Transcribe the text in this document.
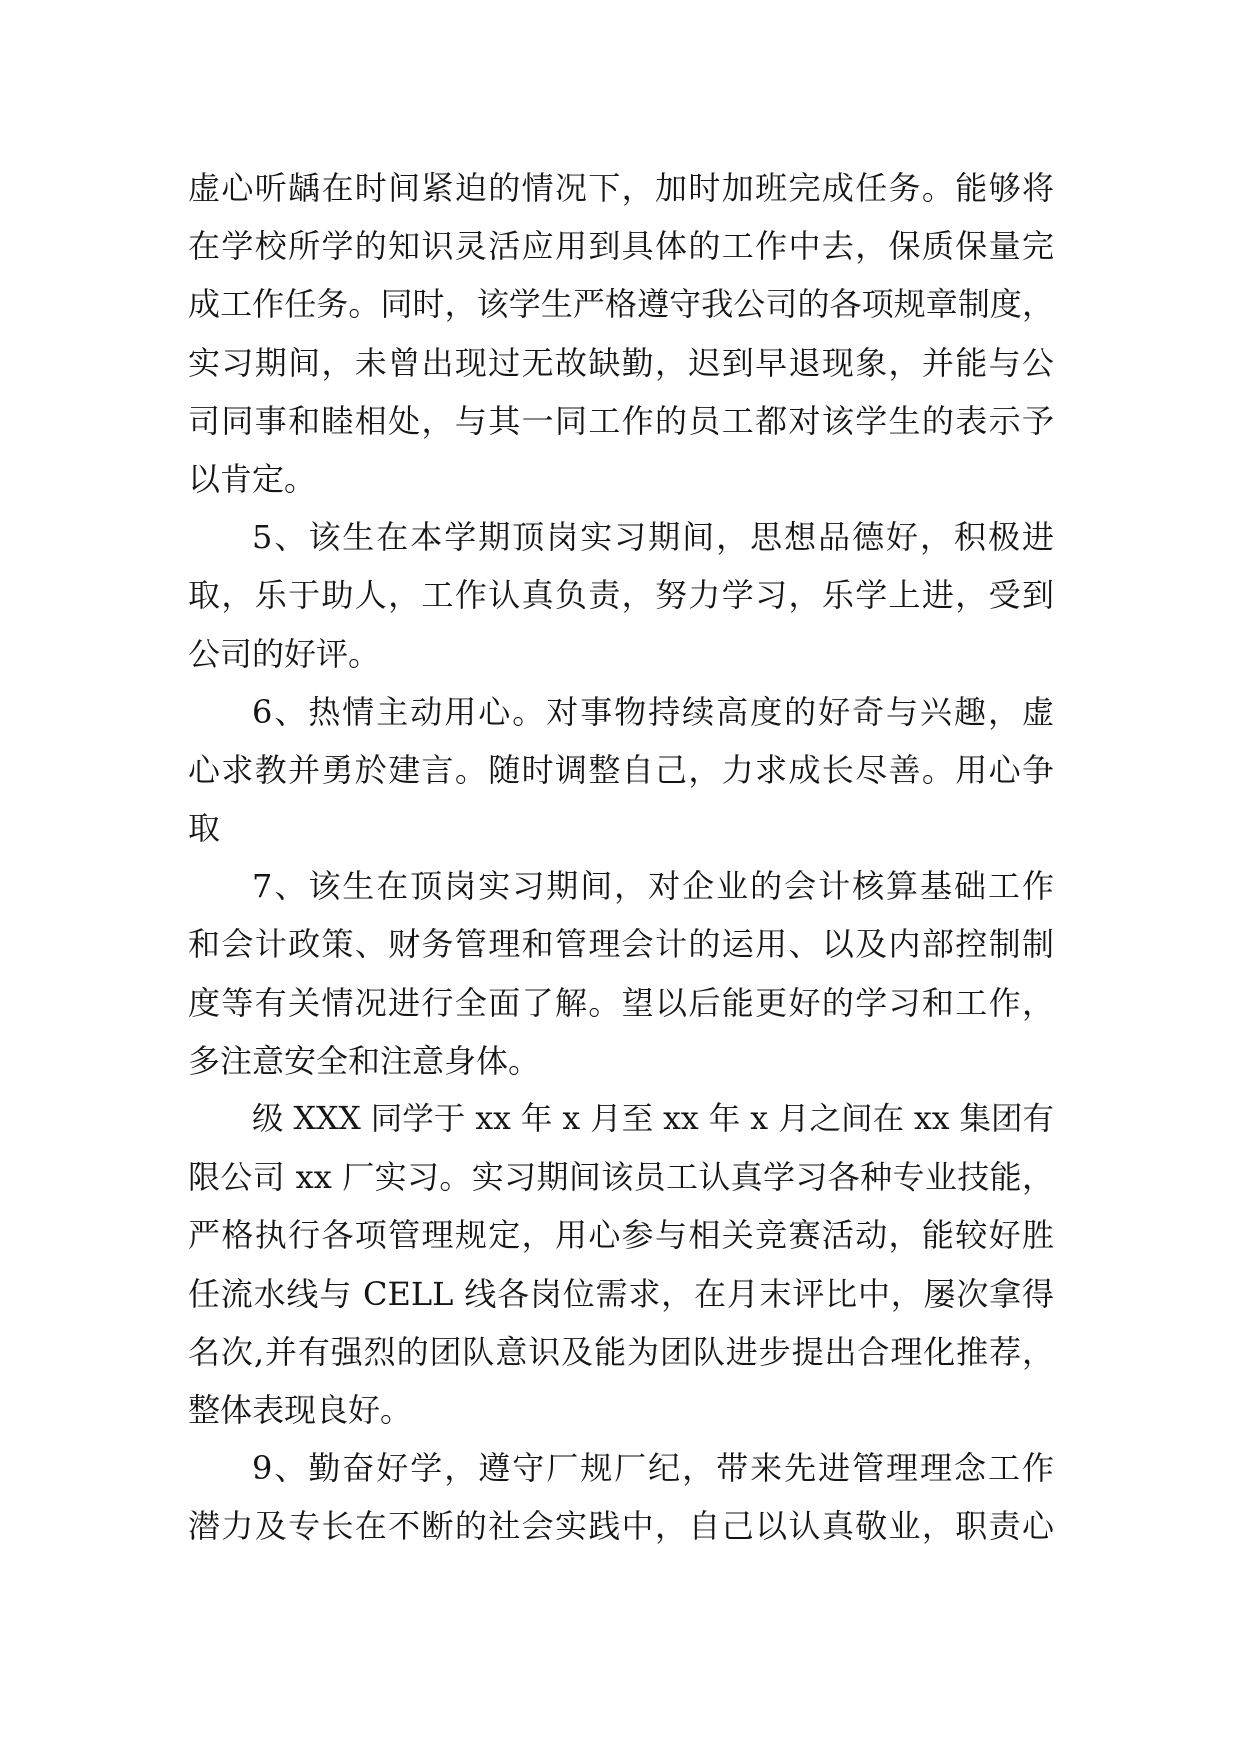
虚心听龋在时间紧迫的情况下，加时加班完成任务。能够将
在学校所学的知识灵活应用到具体的工作中去，保质保量完
成工作任务。同时，该学生严格遵守我公司的各项规章制度，
实习期间，未曾出现过无故缺勤，迟到早退现象，并能与公
司同事和睦相处，与其一同工作的员工都对该学生的表示予
以肯定。
5、该生在本学期顶岗实习期间，思想品德好，积极进
取，乐于助人，工作认真负责，努力学习，乐学上进，受到
公司的好评。
6、热情主动用心。对事物持续高度的好奇与兴趣，虚
心求教并勇於建言。随时调整自己，力求成长尽善。用心争
取
7、该生在顶岗实习期间，对企业的会计核算基础工作
和会计政策、财务管理和管理会计的运用、以及内部控制制
度等有关情况进行全面了解。望以后能更好的学习和工作，
多注意安全和注意身体。
级 XXX 同学于 xx 年 x 月至 xx 年 x 月之间在 xx 集团有
限公司 xx 厂实习。实习期间该员工认真学习各种专业技能，
严格执行各项管理规定，用心参与相关竞赛活动，能较好胜
任流水线与 CELL 线各岗位需求，在月末评比中，屡次拿得
名次,并有强烈的团队意识及能为团队进步提出合理化推荐，
整体表现良好。
9、勤奋好学，遵守厂规厂纪，带来先进管理理念工作
潜力及专长在不断的社会实践中，自己以认真敬业，职责心
